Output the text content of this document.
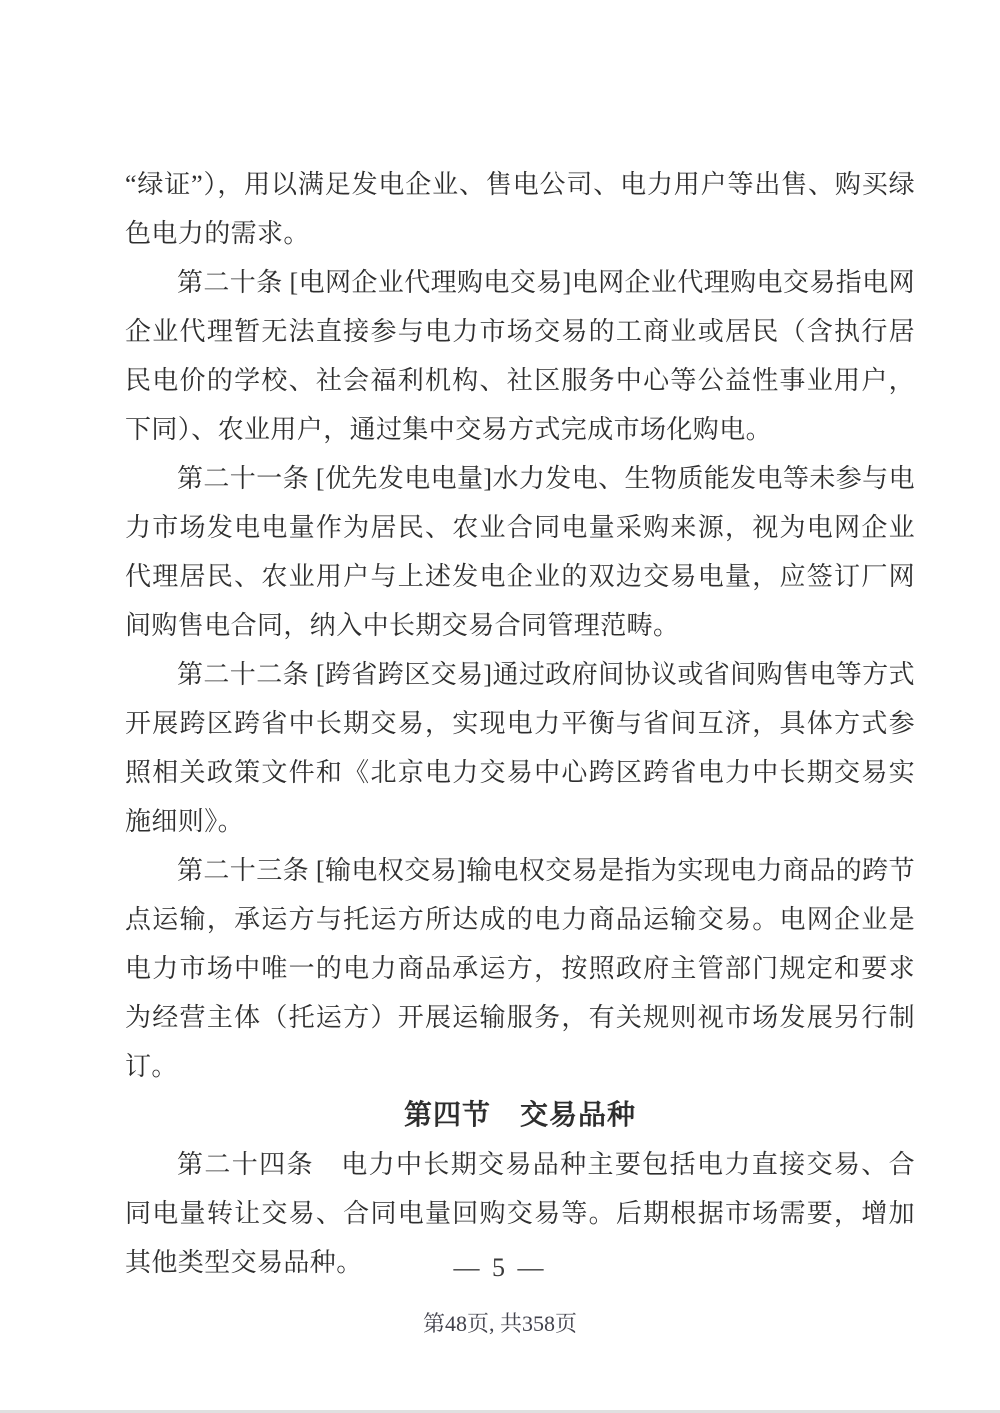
“绿证”），用以满足发电企业、售电公司、电力用户等出售、购买绿色电力的需求。

第二十条 [电网企业代理购电交易]电网企业代理购电交易指电网企业代理暂无法直接参与电力市场交易的工商业或居民（含执行居民电价的学校、社会福利机构、社区服务中心等公益性事业用户，下同）、农业用户，通过集中交易方式完成市场化购电。

第二十一条 [优先发电电量]水力发电、生物质能发电等未参与电力市场发电电量作为居民、农业合同电量采购来源，视为电网企业代理居民、农业用户与上述发电企业的双边交易电量，应签订厂网间购售电合同，纳入中长期交易合同管理范畴。

第二十二条 [跨省跨区交易]通过政府间协议或省间购售电等方式开展跨区跨省中长期交易，实现电力平衡与省间互济，具体方式参照相关政策文件和《北京电力交易中心跨区跨省电力中长期交易实施细则》。

第二十三条 [输电权交易]输电权交易是指为实现电力商品的跨节点运输，承运方与托运方所达成的电力商品运输交易。电网企业是电力市场中唯一的电力商品承运方，按照政府主管部门规定和要求为经营主体（托运方）开展运输服务，有关规则视市场发展另行制订。

第四节　交易品种

第二十四条　电力中长期交易品种主要包括电力直接交易、合同电量转让交易、合同电量回购交易等。后期根据市场需要，增加其他类型交易品种。	— 5 —
第48页, 共358页
